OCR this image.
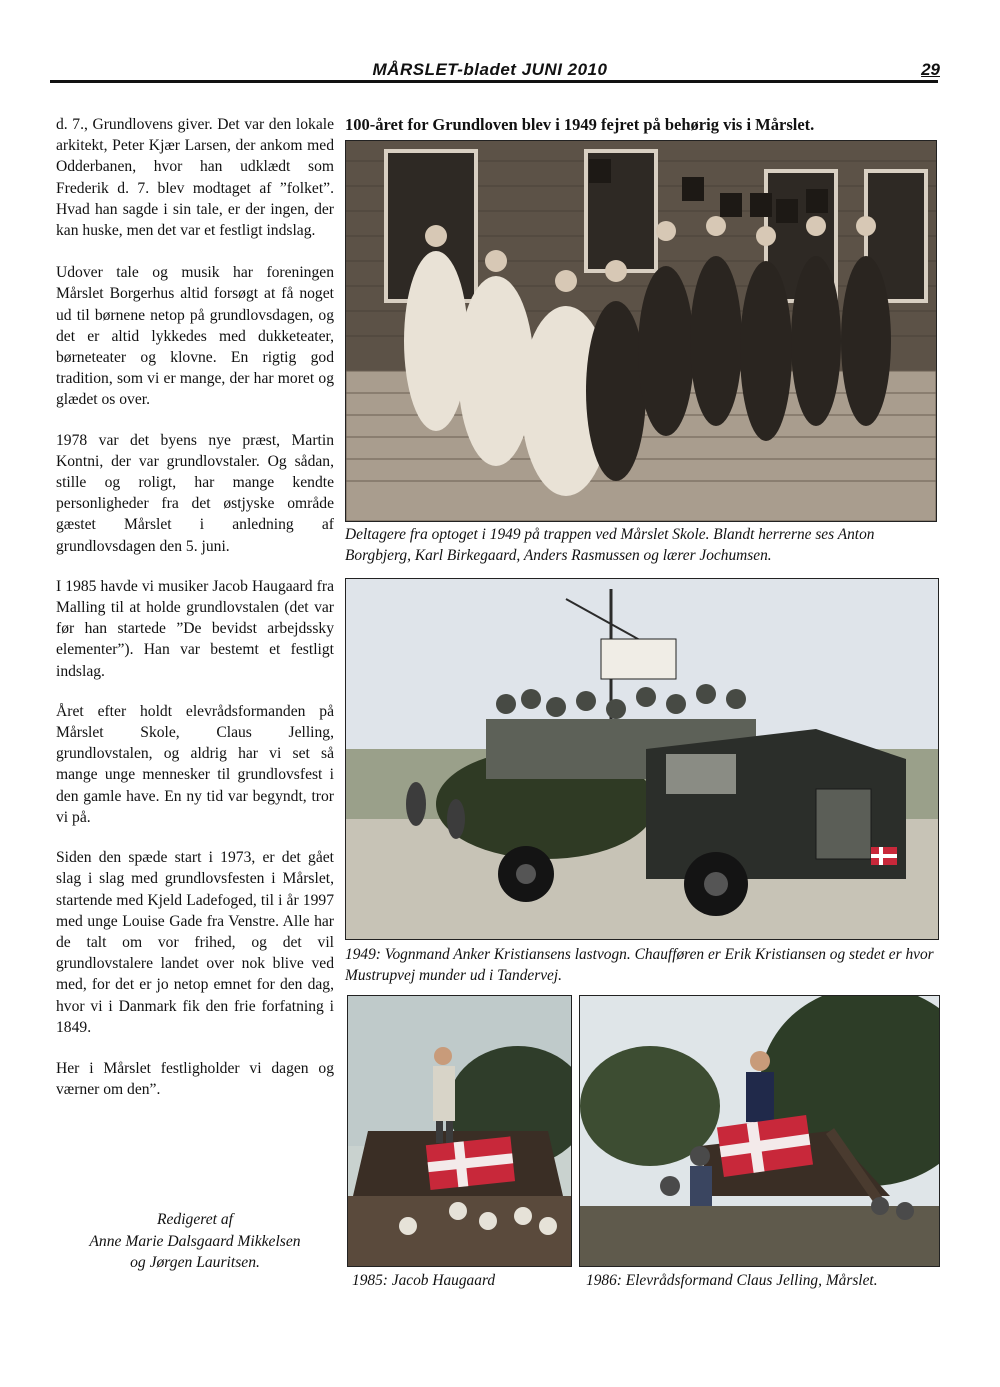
MÅRSLET-bladet JUNI 2010	29

d. 7., Grundlovens giver. Det var den lokale arkitekt, Peter Kjær Larsen, der ankom med Odderbanen, hvor han udklædt som Frederik d. 7. blev modtaget af ”folket”. Hvad han sagde i sin tale, er der ingen, der kan huske, men det var et festligt indslag.

Udover tale og musik har foreningen Mårslet Borgerhus altid forsøgt at få noget ud til børnene netop på grundlovsdagen, og det er altid lykkedes med dukketeater, børneteater og klovne. En rigtig god tradition, som vi er mange, der har moret og glædet os over.

1978 var det byens nye præst, Martin Kontni, der var grundlovstaler. Og sådan, stille og roligt, har mange kendte personligheder fra det østjyske område gæstet Mårslet i anledning af grundlovsdagen den 5. juni.

I 1985 havde vi musiker Jacob Haugaard fra Malling til at holde grundlovstalen (det var før han startede ”De bevidst arbejdssky elementer”). Han var bestemt et festligt indslag.

Året efter holdt elevrådsformanden på Mårslet Skole, Claus Jelling, grundlovstalen, og aldrig har vi set så mange unge mennesker til grundlovsfest i den gamle have. En ny tid var begyndt, tror vi på.

Siden den spæde start i 1973, er det gået slag i slag med grundlovsfesten i Mårslet, startende med Kjeld Ladefoged, til i år 1997 med unge Louise Gade fra Venstre. Alle har de talt om vor frihed, og det vil grundlovstalere landet over nok blive ved med, for det er jo netop emnet for den dag, hvor vi i Danmark fik den frie forfatning i 1849.

Her i Mårslet festligholder vi dagen og værner om den”.

Redigeret af
Anne Marie Dalsgaard Mikkelsen
og Jørgen Lauritsen.
100-året for Grundloven blev i 1949 fejret på behørig vis i Mårslet.
Deltagere fra optoget i 1949 på trappen ved Mårslet Skole. Blandt herrerne ses Anton Borgbjerg, Karl Birkegaard, Anders Rasmussen og lærer Jochumsen.
1949: Vognmand Anker Kristiansens lastvogn. Chaufføren er Erik Kristiansen og stedet er hvor Mustrupvej munder ud i Tandervej.
1985: Jacob Haugaard	1986: Elevrådsformand Claus Jelling, Mårslet.
